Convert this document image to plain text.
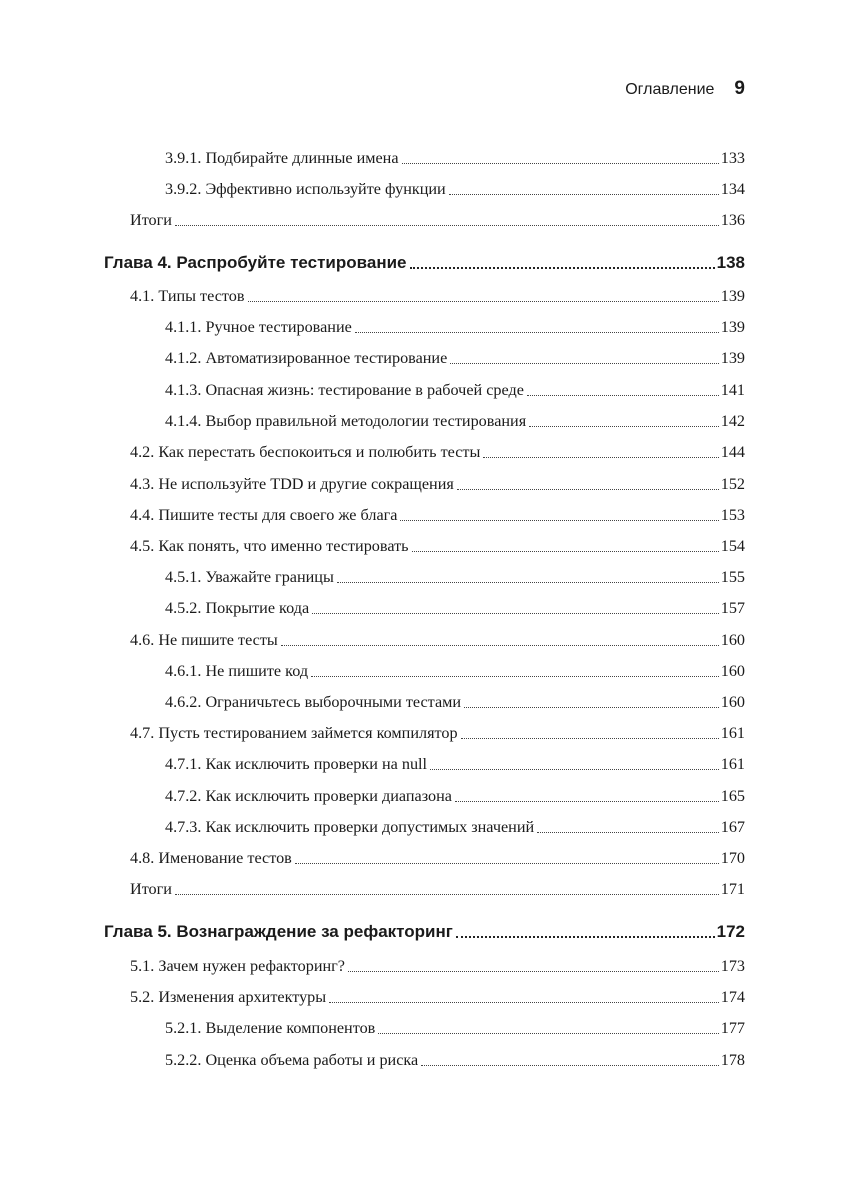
Оглавление 9
3.9.1. Подбирайте длинные имена	133
3.9.2. Эффективно используйте функции	134
Итоги	136
Глава 4. Распробуйте тестирование	138
4.1. Типы тестов	139
4.1.1. Ручное тестирование	139
4.1.2. Автоматизированное тестирование	139
4.1.3. Опасная жизнь: тестирование в рабочей среде	141
4.1.4. Выбор правильной методологии тестирования	142
4.2. Как перестать беспокоиться и полюбить тесты	144
4.3. Не используйте TDD и другие сокращения	152
4.4. Пишите тесты для своего же блага	153
4.5. Как понять, что именно тестировать	154
4.5.1. Уважайте границы	155
4.5.2. Покрытие кода	157
4.6. Не пишите тесты	160
4.6.1. Не пишите код	160
4.6.2. Ограничьтесь выборочными тестами	160
4.7. Пусть тестированием займется компилятор	161
4.7.1. Как исключить проверки на null	161
4.7.2. Как исключить проверки диапазона	165
4.7.3. Как исключить проверки допустимых значений	167
4.8. Именование тестов	170
Итоги	171
Глава 5. Вознаграждение за рефакторинг	172
5.1. Зачем нужен рефакторинг?	173
5.2. Изменения архитектуры	174
5.2.1. Выделение компонентов	177
5.2.2. Оценка объема работы и риска	178
